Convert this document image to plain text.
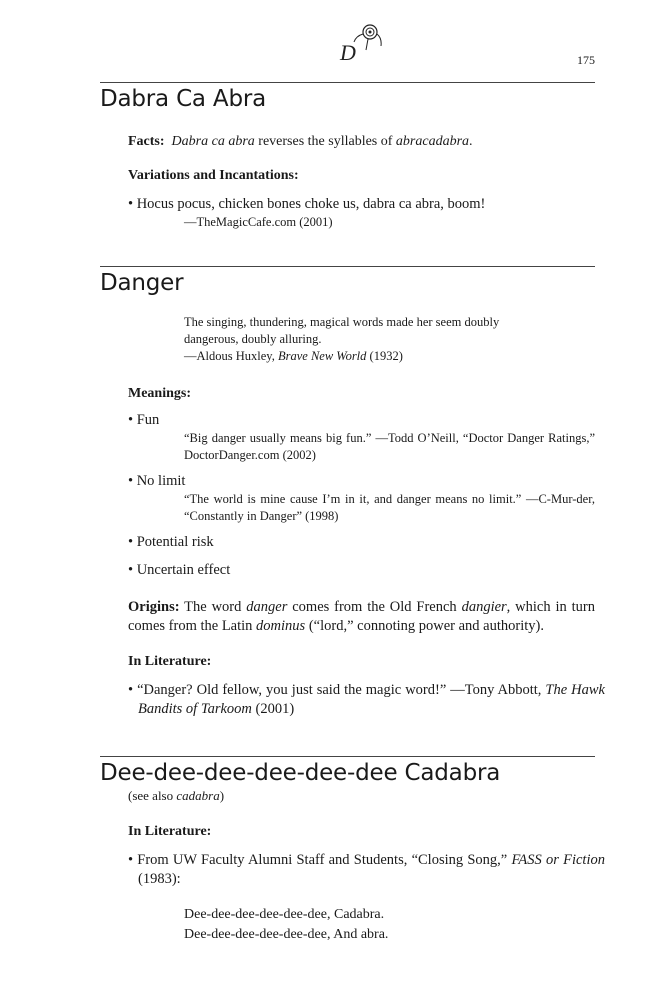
D	175
Dabra Ca Abra
Facts: Dabra ca abra reverses the syllables of abracadabra.
Variations and Incantations:
• Hocus pocus, chicken bones choke us, dabra ca abra, boom!
—TheMagicCafe.com (2001)
Danger
The singing, thundering, magical words made her seem doubly
dangerous, doubly alluring.
—Aldous Huxley, Brave New World (1932)
Meanings:
• Fun
“Big danger usually means big fun.” —Todd O’Neill, “Doctor Danger Ratings,” DoctorDanger.com (2002)
• No limit
“The world is mine cause I’m in it, and danger means no limit.” —C-Mur-der, “Constantly in Danger” (1998)
• Potential risk
• Uncertain effect
Origins: The word danger comes from the Old French dangier, which in turn comes from the Latin dominus (“lord,” connoting power and authority).
In Literature:
• “Danger? Old fellow, you just said the magic word!” —Tony Abbott, The Hawk Bandits of Tarkoom (2001)
Dee-dee-dee-dee-dee-dee Cadabra
(see also cadabra)
In Literature:
• From UW Faculty Alumni Staff and Students, “Closing Song,” FASS or Fiction (1983):
Dee-dee-dee-dee-dee-dee, Cadabra.
Dee-dee-dee-dee-dee-dee, And abra.
